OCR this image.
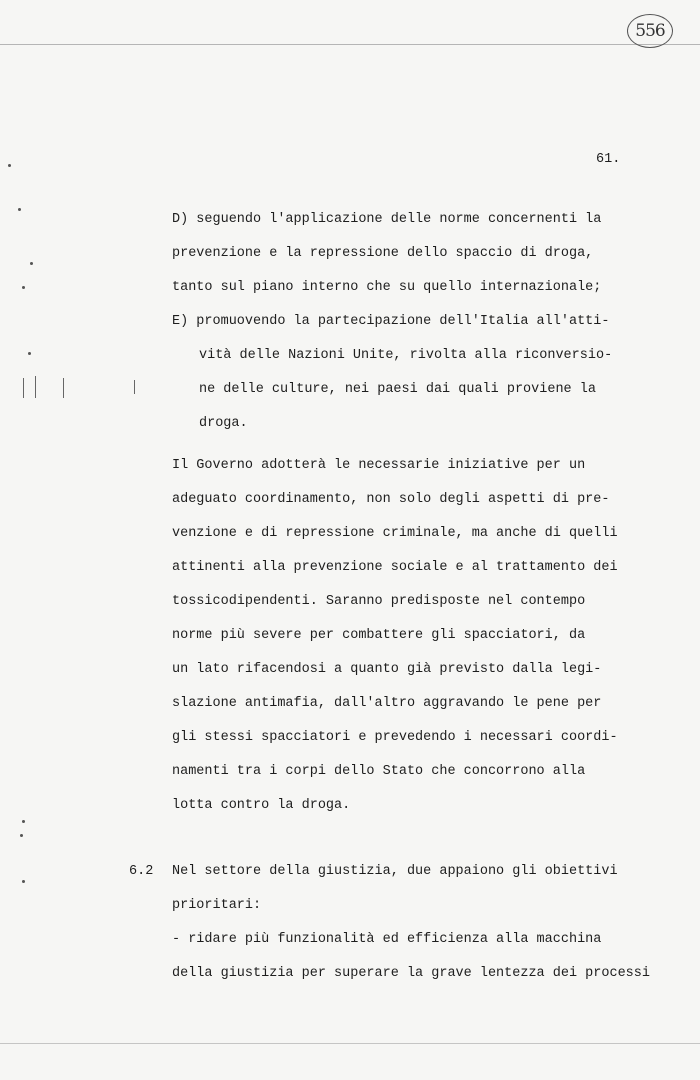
556
61.
D) seguendo l'applicazione delle norme concernenti la
prevenzione e la repressione dello spaccio di droga,
tanto sul piano interno che su quello internazionale;
E) promuovendo la partecipazione dell'Italia all'atti-
vità delle Nazioni Unite, rivolta alla riconversio-
ne delle culture, nei paesi dai quali proviene la
droga.
Il Governo adotterà le necessarie iniziative per un
adeguato coordinamento, non solo degli aspetti di pre-
venzione e di repressione criminale, ma anche di quelli
attinenti alla prevenzione sociale e al trattamento dei
tossicodipendenti. Saranno predisposte nel contempo
norme più severe per combattere gli spacciatori, da
un lato rifacendosi a quanto già previsto dalla legi-
slazione antimafia, dall'altro aggravando le pene per
gli stessi spacciatori e prevedendo i necessari coordi-
namenti tra i corpi dello Stato che concorrono alla
lotta contro la droga.
6.2 Nel settore della giustizia, due appaiono gli obiettivi
prioritari:
- ridare più funzionalità ed efficienza alla macchina
della giustizia per superare la grave lentezza dei processi
